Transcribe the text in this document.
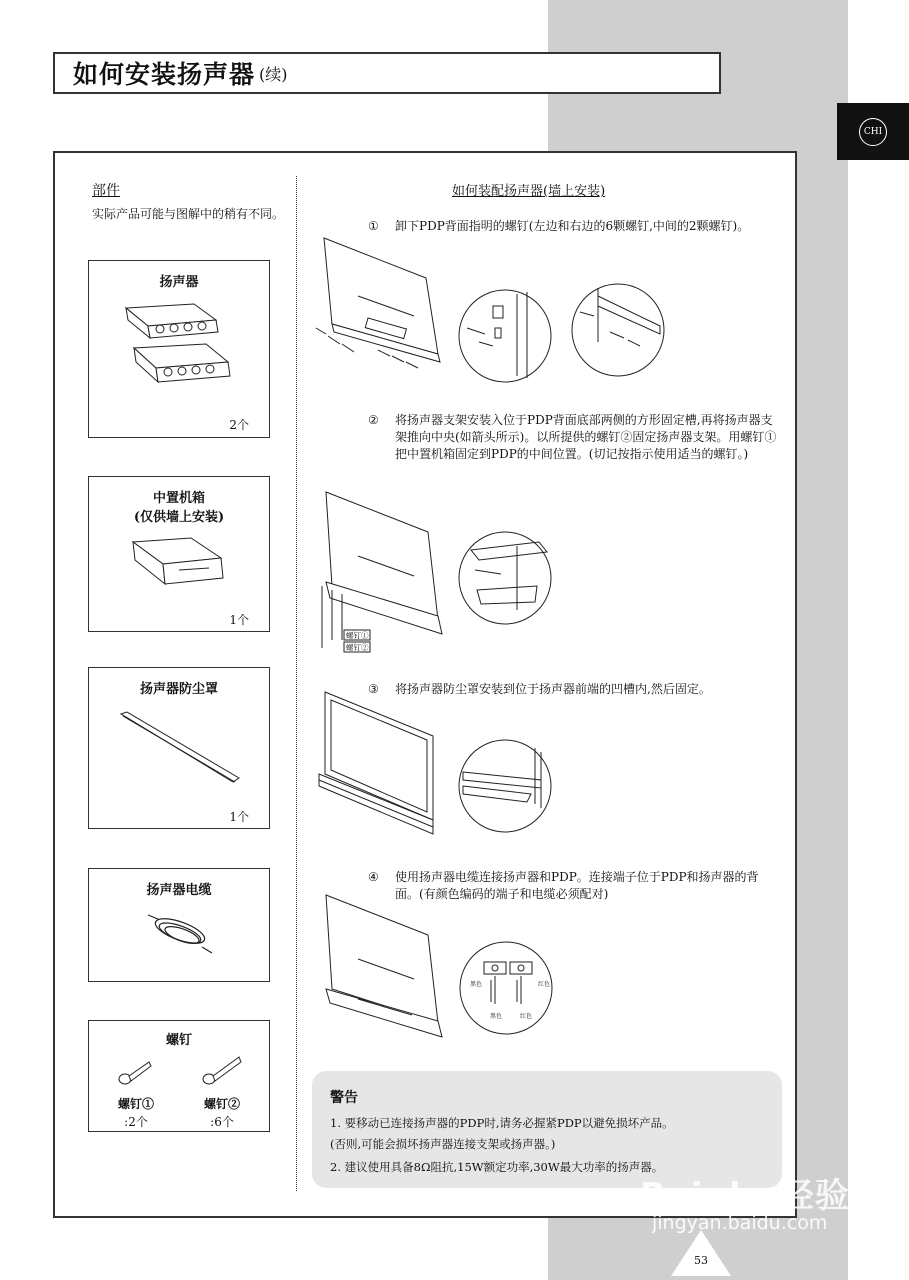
如何安装扬声器 (续)
CHI
部件
实际产品可能与图解中的稍有不同。
扬声器
2个
中置机箱
(仅供墙上安装)
1个
扬声器防尘罩
1个
扬声器电缆
螺钉
螺钉①
:2个
螺钉②
:6个
如何装配扬声器(墙上安装)
① 卸下PDP背面指明的螺钉(左边和右边的6颗螺钉,中间的2颗螺钉)。
② 将扬声器支架安装入位于PDP背面底部两侧的方形固定槽,再将扬声器支架推向中央(如箭头所示)。以所提供的螺钉②固定扬声器支架。用螺钉①把中置机箱固定到PDP的中间位置。(切记按指示使用适当的螺钉。)
螺钉①
螺钉②
③ 将扬声器防尘罩安装到位于扬声器前端的凹槽内,然后固定。
④ 使用扬声器电缆连接扬声器和PDP。连接端子位于PDP和扬声器的背面。(有颜色编码的端子和电缆必须配对)
黑色	红色
黑色	红色
警告
1. 要移动已连接扬声器的PDP时,请务必握紧PDP以避免损坏产品。
(否则,可能会损坏扬声器连接支架或扬声器。)
2. 建议使用具备8Ω阻抗,15W额定功率,30W最大功率的扬声器。
Bai du 经验
jingyan.baidu.com
53
